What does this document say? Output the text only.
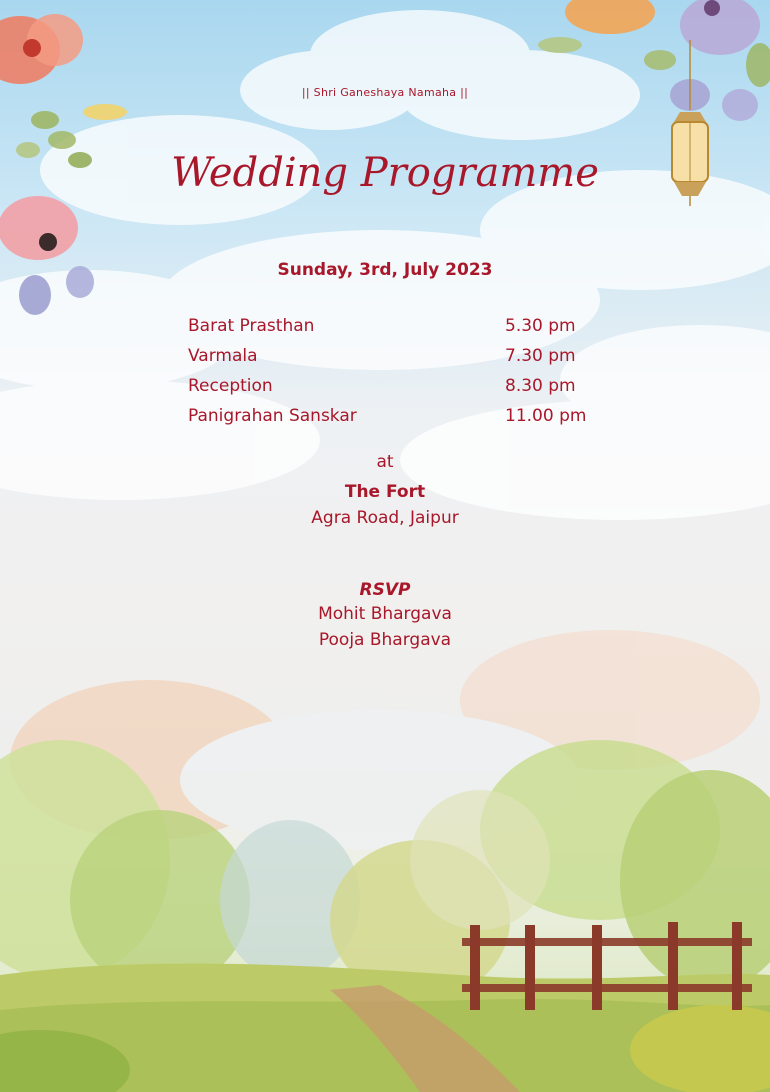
|| Shri Ganeshaya Namaha ||
Wedding Programme
Sunday, 3rd, July 2023
Barat Prasthan	5.30 pm
Varmala	7.30 pm
Reception	8.30 pm
Panigrahan Sanskar	11.00 pm
at
The Fort
Agra Road, Jaipur
RSVP
Mohit Bhargava
Pooja Bhargava
